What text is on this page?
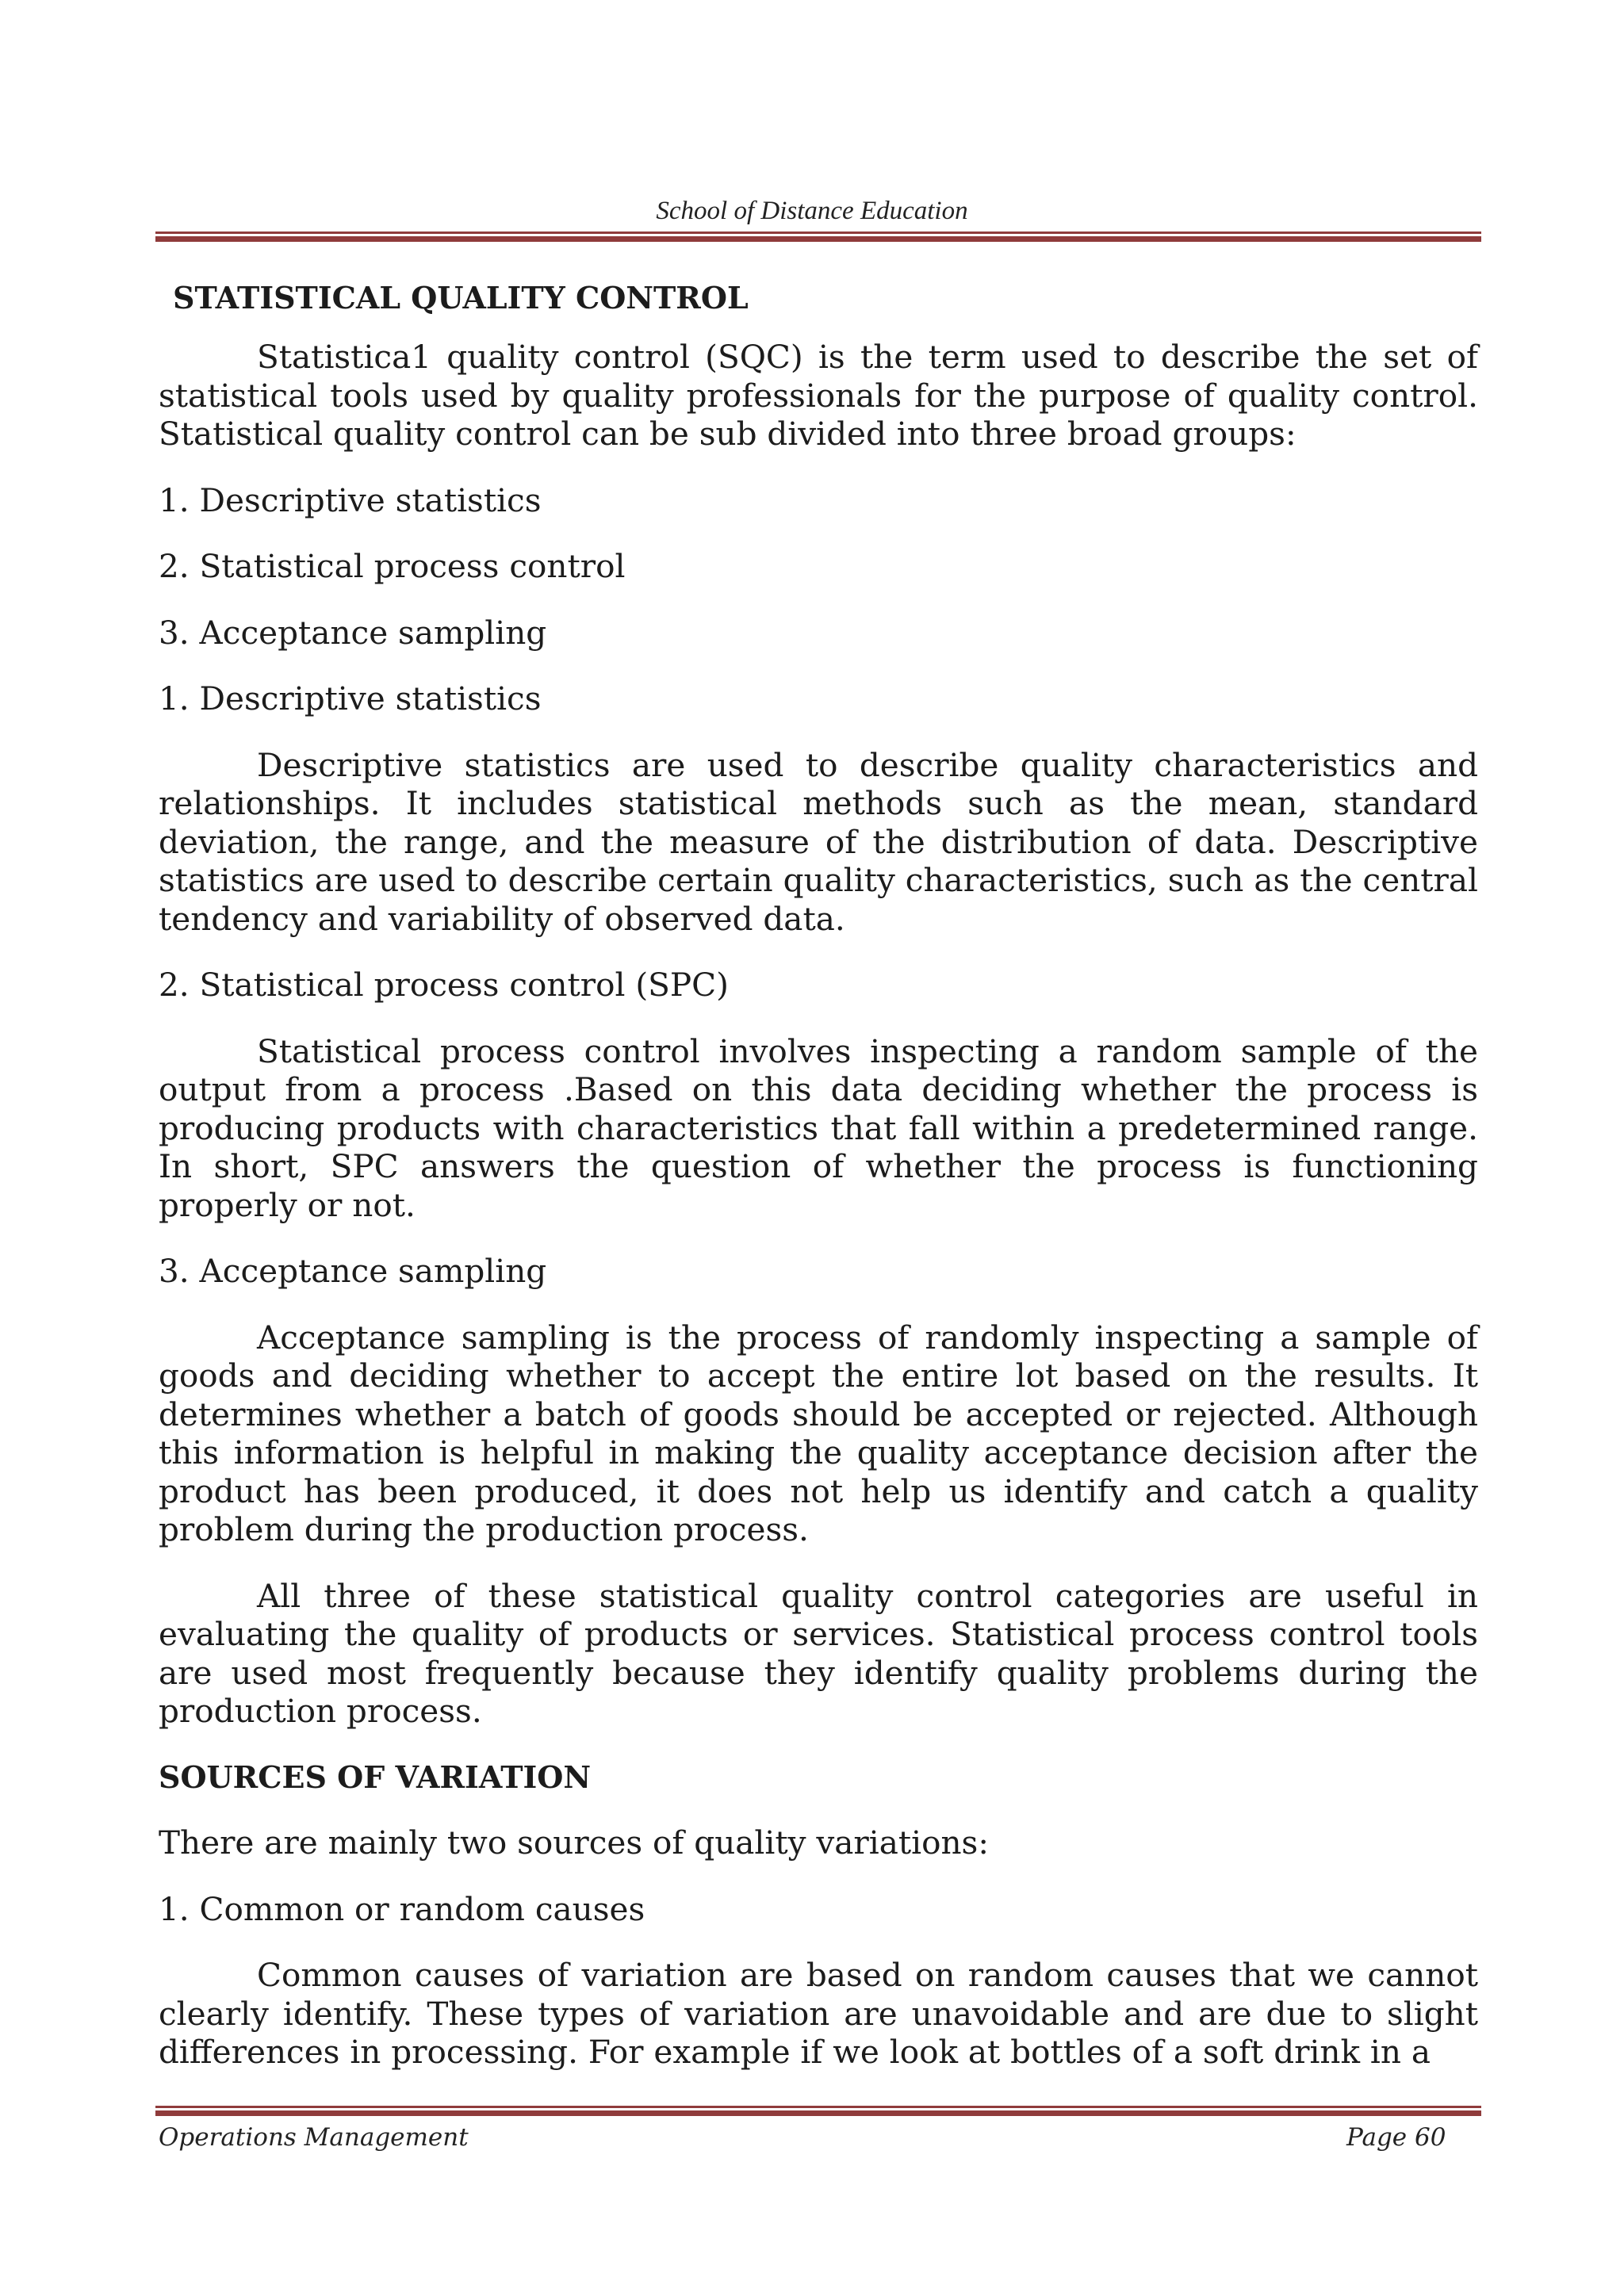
School of Distance Education

STATISTICAL QUALITY CONTROL

Statistica1 quality control (SQC) is the term used to describe the set of statistical tools used by quality professionals for the purpose of quality control. Statistical quality control can be sub divided into three broad groups:

1. Descriptive statistics

2. Statistical process control

3. Acceptance sampling

1. Descriptive statistics

Descriptive statistics are used to describe quality characteristics and relationships. It includes statistical methods such as the mean, standard deviation, the range, and the measure of the distribution of data. Descriptive statistics are used to describe certain quality characteristics, such as the central tendency and variability of observed data.

2. Statistical process control (SPC)

Statistical process control involves inspecting a random sample of the output from a process .Based on this data deciding whether the process is producing products with characteristics that fall within a predetermined range. In short, SPC answers the question of whether the process is functioning properly or not.

3. Acceptance sampling

Acceptance sampling is the process of randomly inspecting a sample of goods and deciding whether to accept the entire lot based on the results. It determines whether a batch of goods should be accepted or rejected. Although this information is helpful in making the quality acceptance decision after the product has been produced, it does not help us identify and catch a quality problem during the production process.

All three of these statistical quality control categories are useful in evaluating the quality of products or services. Statistical process control tools are used most frequently because they identify quality problems during the production process.

SOURCES OF VARIATION

There are mainly two sources of quality variations:

1. Common or random causes

Common causes of variation are based on random causes that we cannot clearly identify. These types of variation are unavoidable and are due to slight differences in processing. For example if we look at bottles of a soft drink in a

Operations Management	Page 60
